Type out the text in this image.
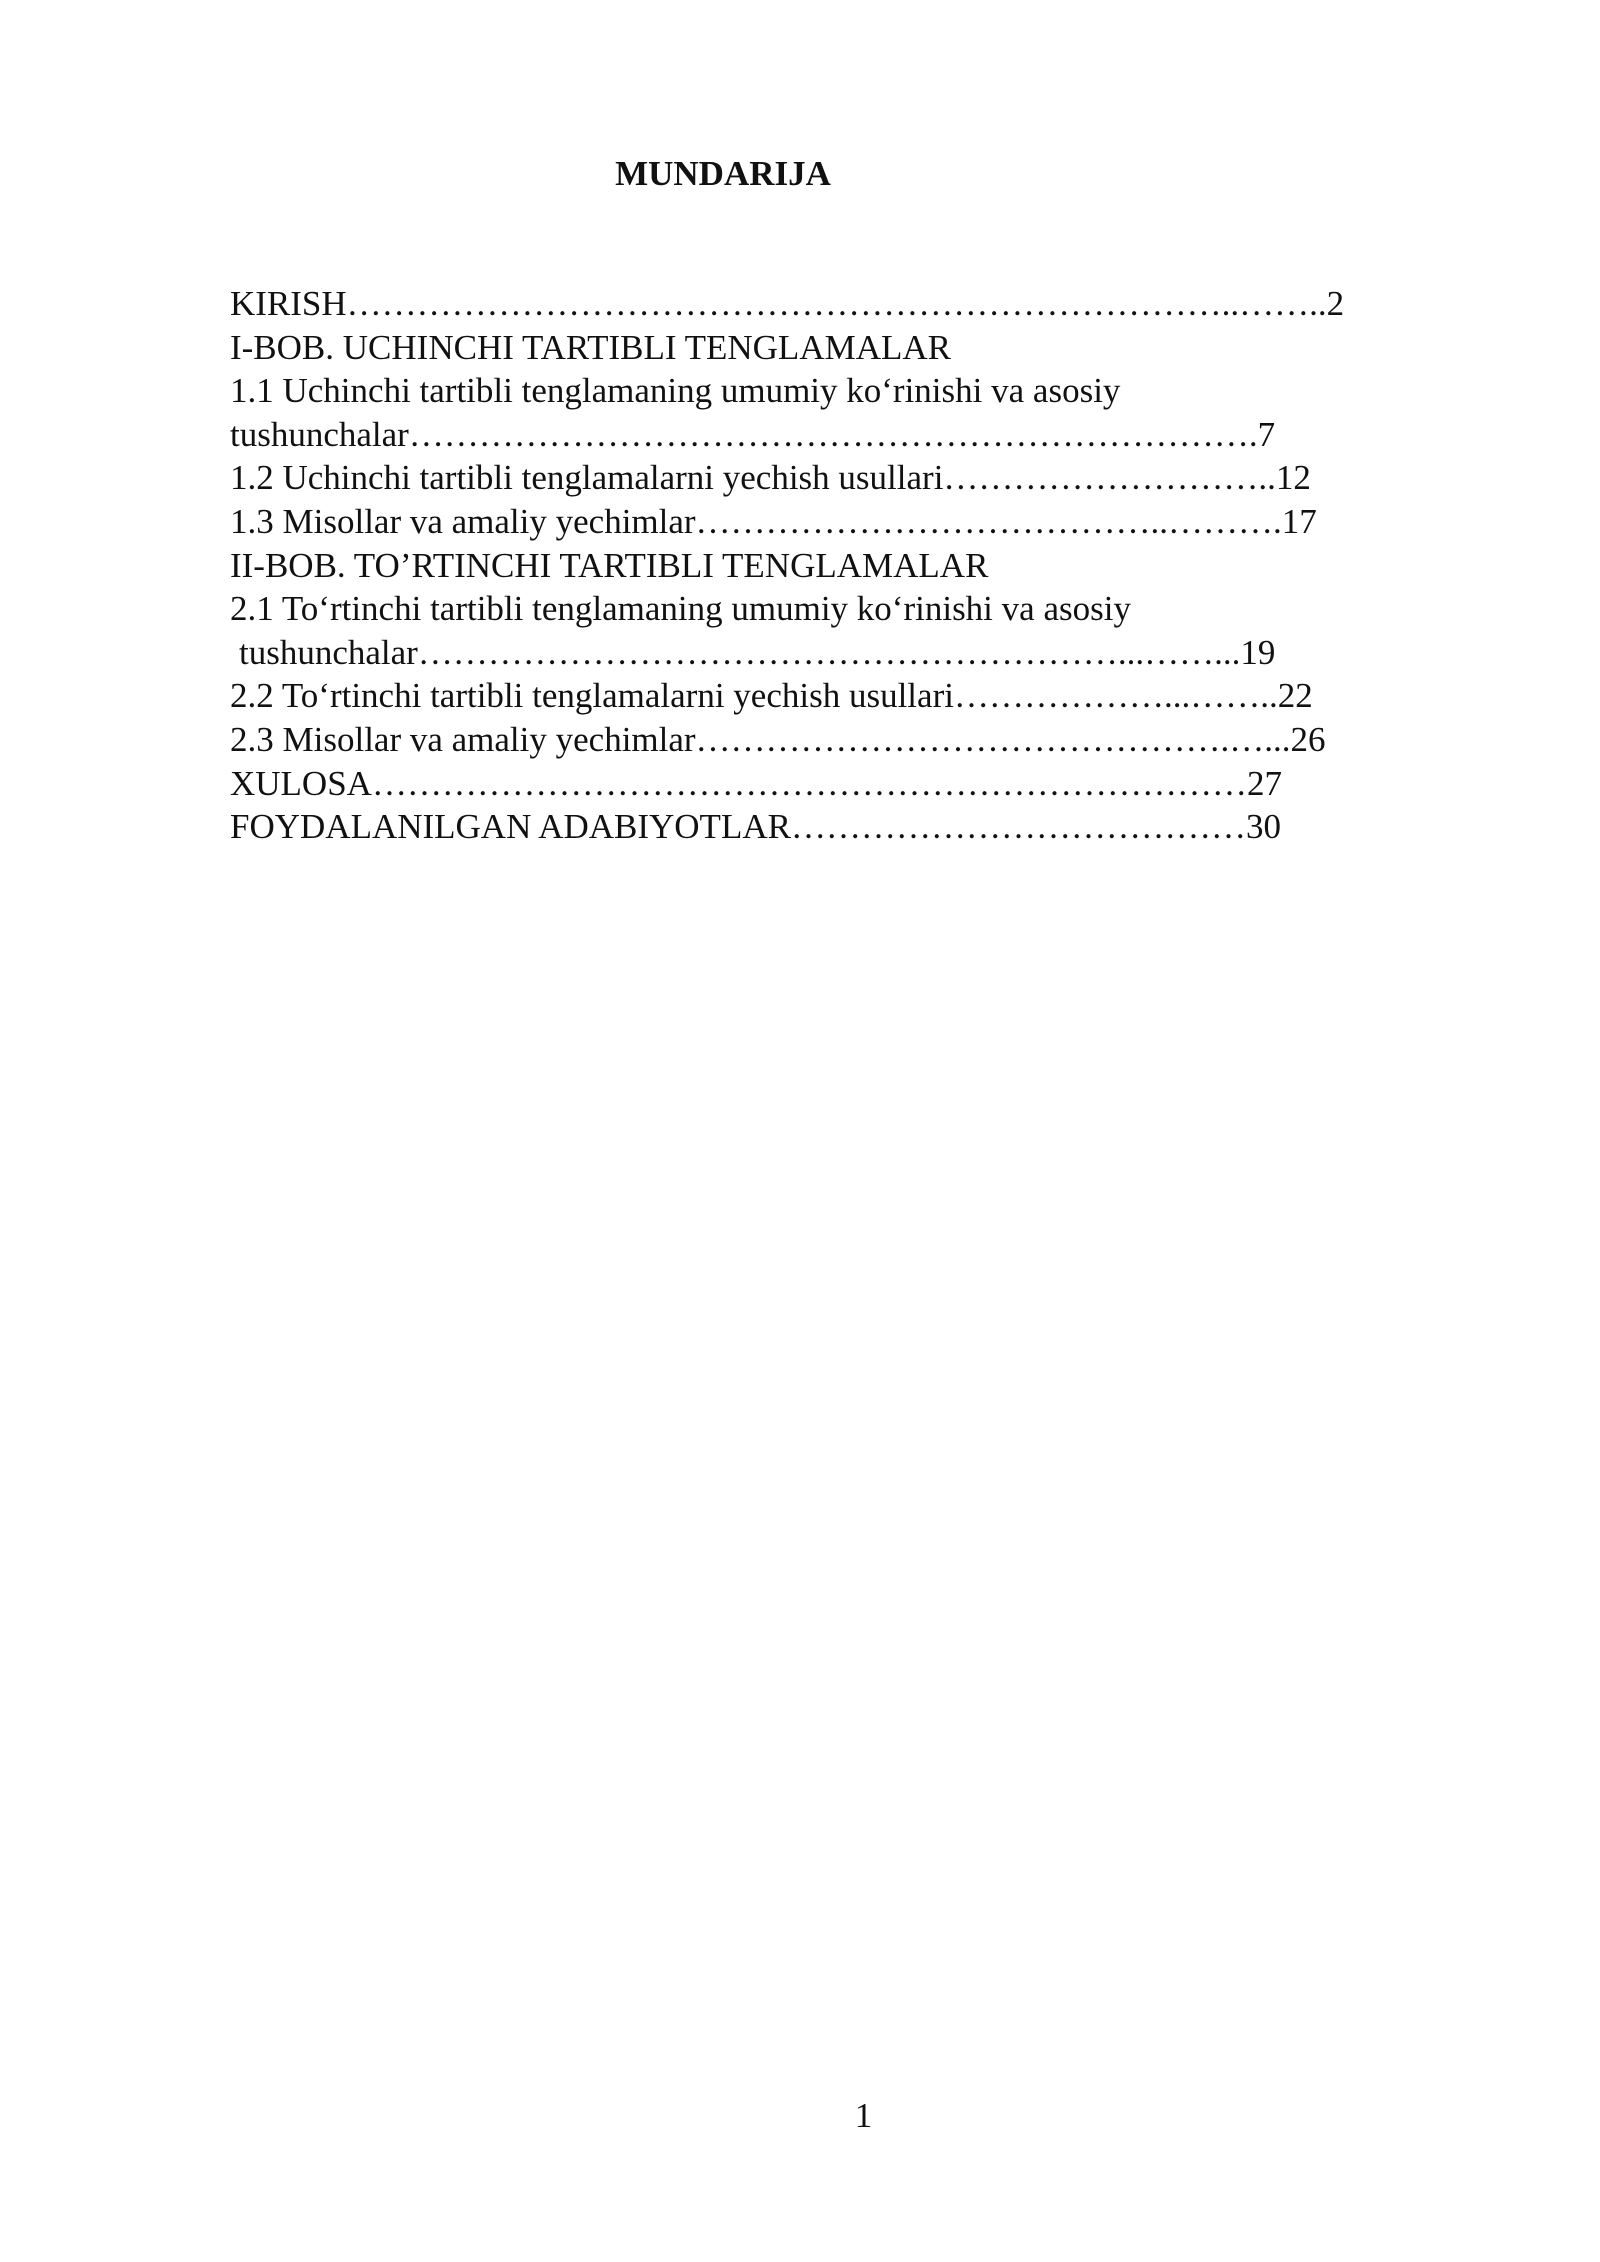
MUNDARIJA
KIRISH…………………………………………………………………..……..2
I-BOB. UCHINCHI TARTIBLI TENGLAMALAR
1.1 Uchinchi tartibli tenglamaning umumiy ko‘rinishi va asosiy
tushunchalar……………………………………………………………….7
1.2 Uchinchi tartibli tenglamalarni yechish usullari………………………..12
1.3 Misollar va amaliy yechimlar…………………………………..……….17
II-BOB. TO’RTINCHI TARTIBLI TENGLAMALAR
2.1 To‘rtinchi tartibli tenglamaning umumiy ko‘rinishi va asosiy
tushunchalar……………………………………………………...……...19
2.2 To‘rtinchi tartibli tenglamalarni yechish usullari………………...……..22
2.3 Misollar va amaliy yechimlar……………………………………….…...26
XULOSA…………………………………………………………………27
FOYDALANILGAN ADABIYOTLAR…………………………………30
1
